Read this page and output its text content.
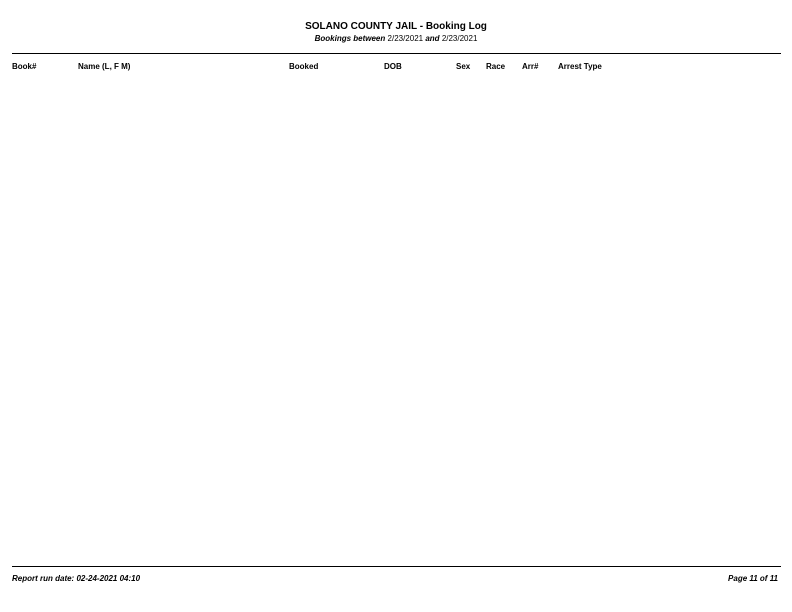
SOLANO COUNTY JAIL - Booking Log
Bookings between 2/23/2021 and 2/23/2021
Book#	Name (L, F M)	Booked	DOB	Sex Race Arr# Arrest Type
Report run date: 02-24-2021 04:10	Page 11 of 11
